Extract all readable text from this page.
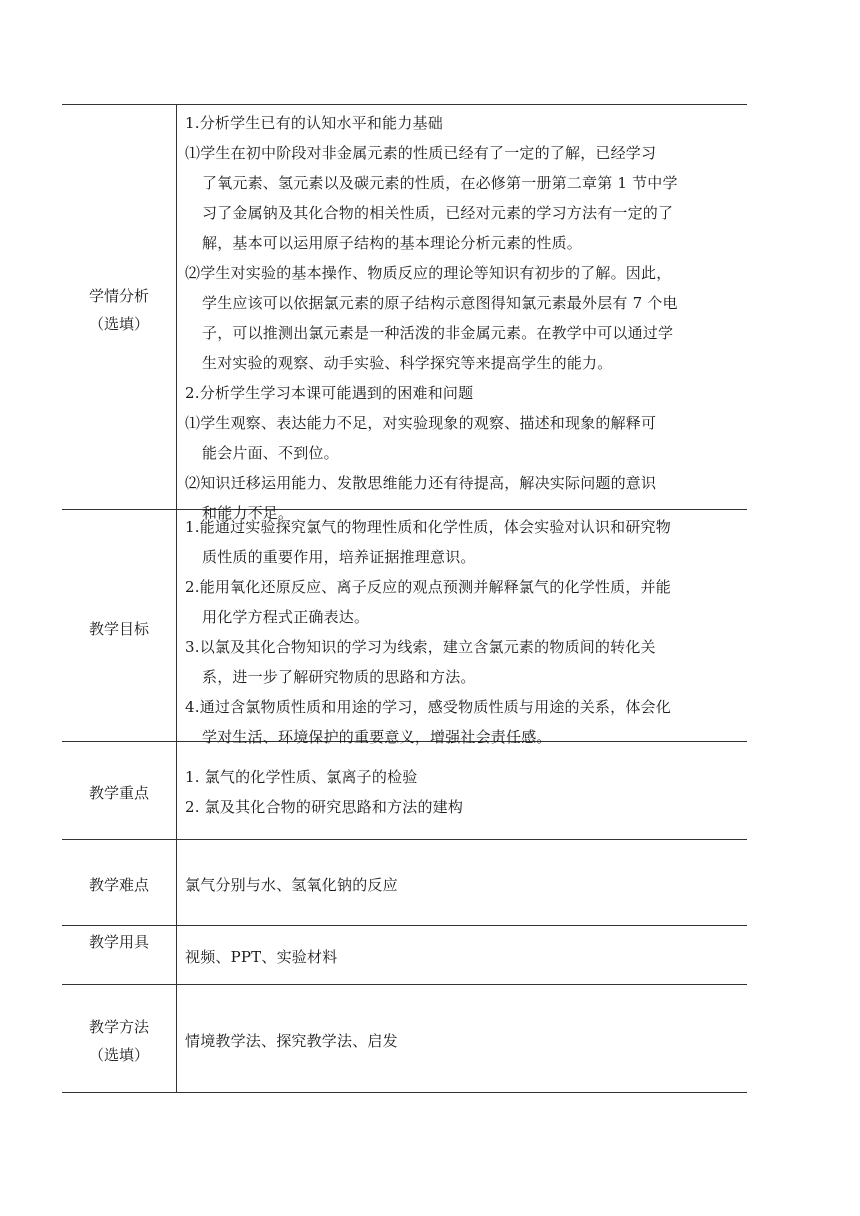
学情分析
（选填）
1.分析学生已有的认知水平和能力基础
⑴学生在初中阶段对非金属元素的性质已经有了一定的了解，已经学习
了氧元素、氢元素以及碳元素的性质，在必修第一册第二章第 1 节中学
习了金属钠及其化合物的相关性质，已经对元素的学习方法有一定的了
解，基本可以运用原子结构的基本理论分析元素的性质。
⑵学生对实验的基本操作、物质反应的理论等知识有初步的了解。因此，
学生应该可以依据氯元素的原子结构示意图得知氯元素最外层有 7 个电
子，可以推测出氯元素是一种活泼的非金属元素。在教学中可以通过学
生对实验的观察、动手实验、科学探究等来提高学生的能力。
2.分析学生学习本课可能遇到的困难和问题
⑴学生观察、表达能力不足，对实验现象的观察、描述和现象的解释可
能会片面、不到位。
⑵知识迁移运用能力、发散思维能力还有待提高，解决实际问题的意识
和能力不足。
教学目标
1.能通过实验探究氯气的物理性质和化学性质，体会实验对认识和研究物
质性质的重要作用，培养证据推理意识。
2.能用氧化还原反应、离子反应的观点预测并解释氯气的化学性质，并能
用化学方程式正确表达。
3.以氯及其化合物知识的学习为线索，建立含氯元素的物质间的转化关
系，进一步了解研究物质的思路和方法。
4.通过含氯物质性质和用途的学习，感受物质性质与用途的关系，体会化
学对生活、环境保护的重要意义，增强社会责任感。
教学重点
1. 氯气的化学性质、氯离子的检验
2. 氯及其化合物的研究思路和方法的建构
教学难点	氯气分别与水、氢氧化钠的反应
教学用具
视频、PPT、实验材料
教学方法
（选填）
情境教学法、探究教学法、启发
